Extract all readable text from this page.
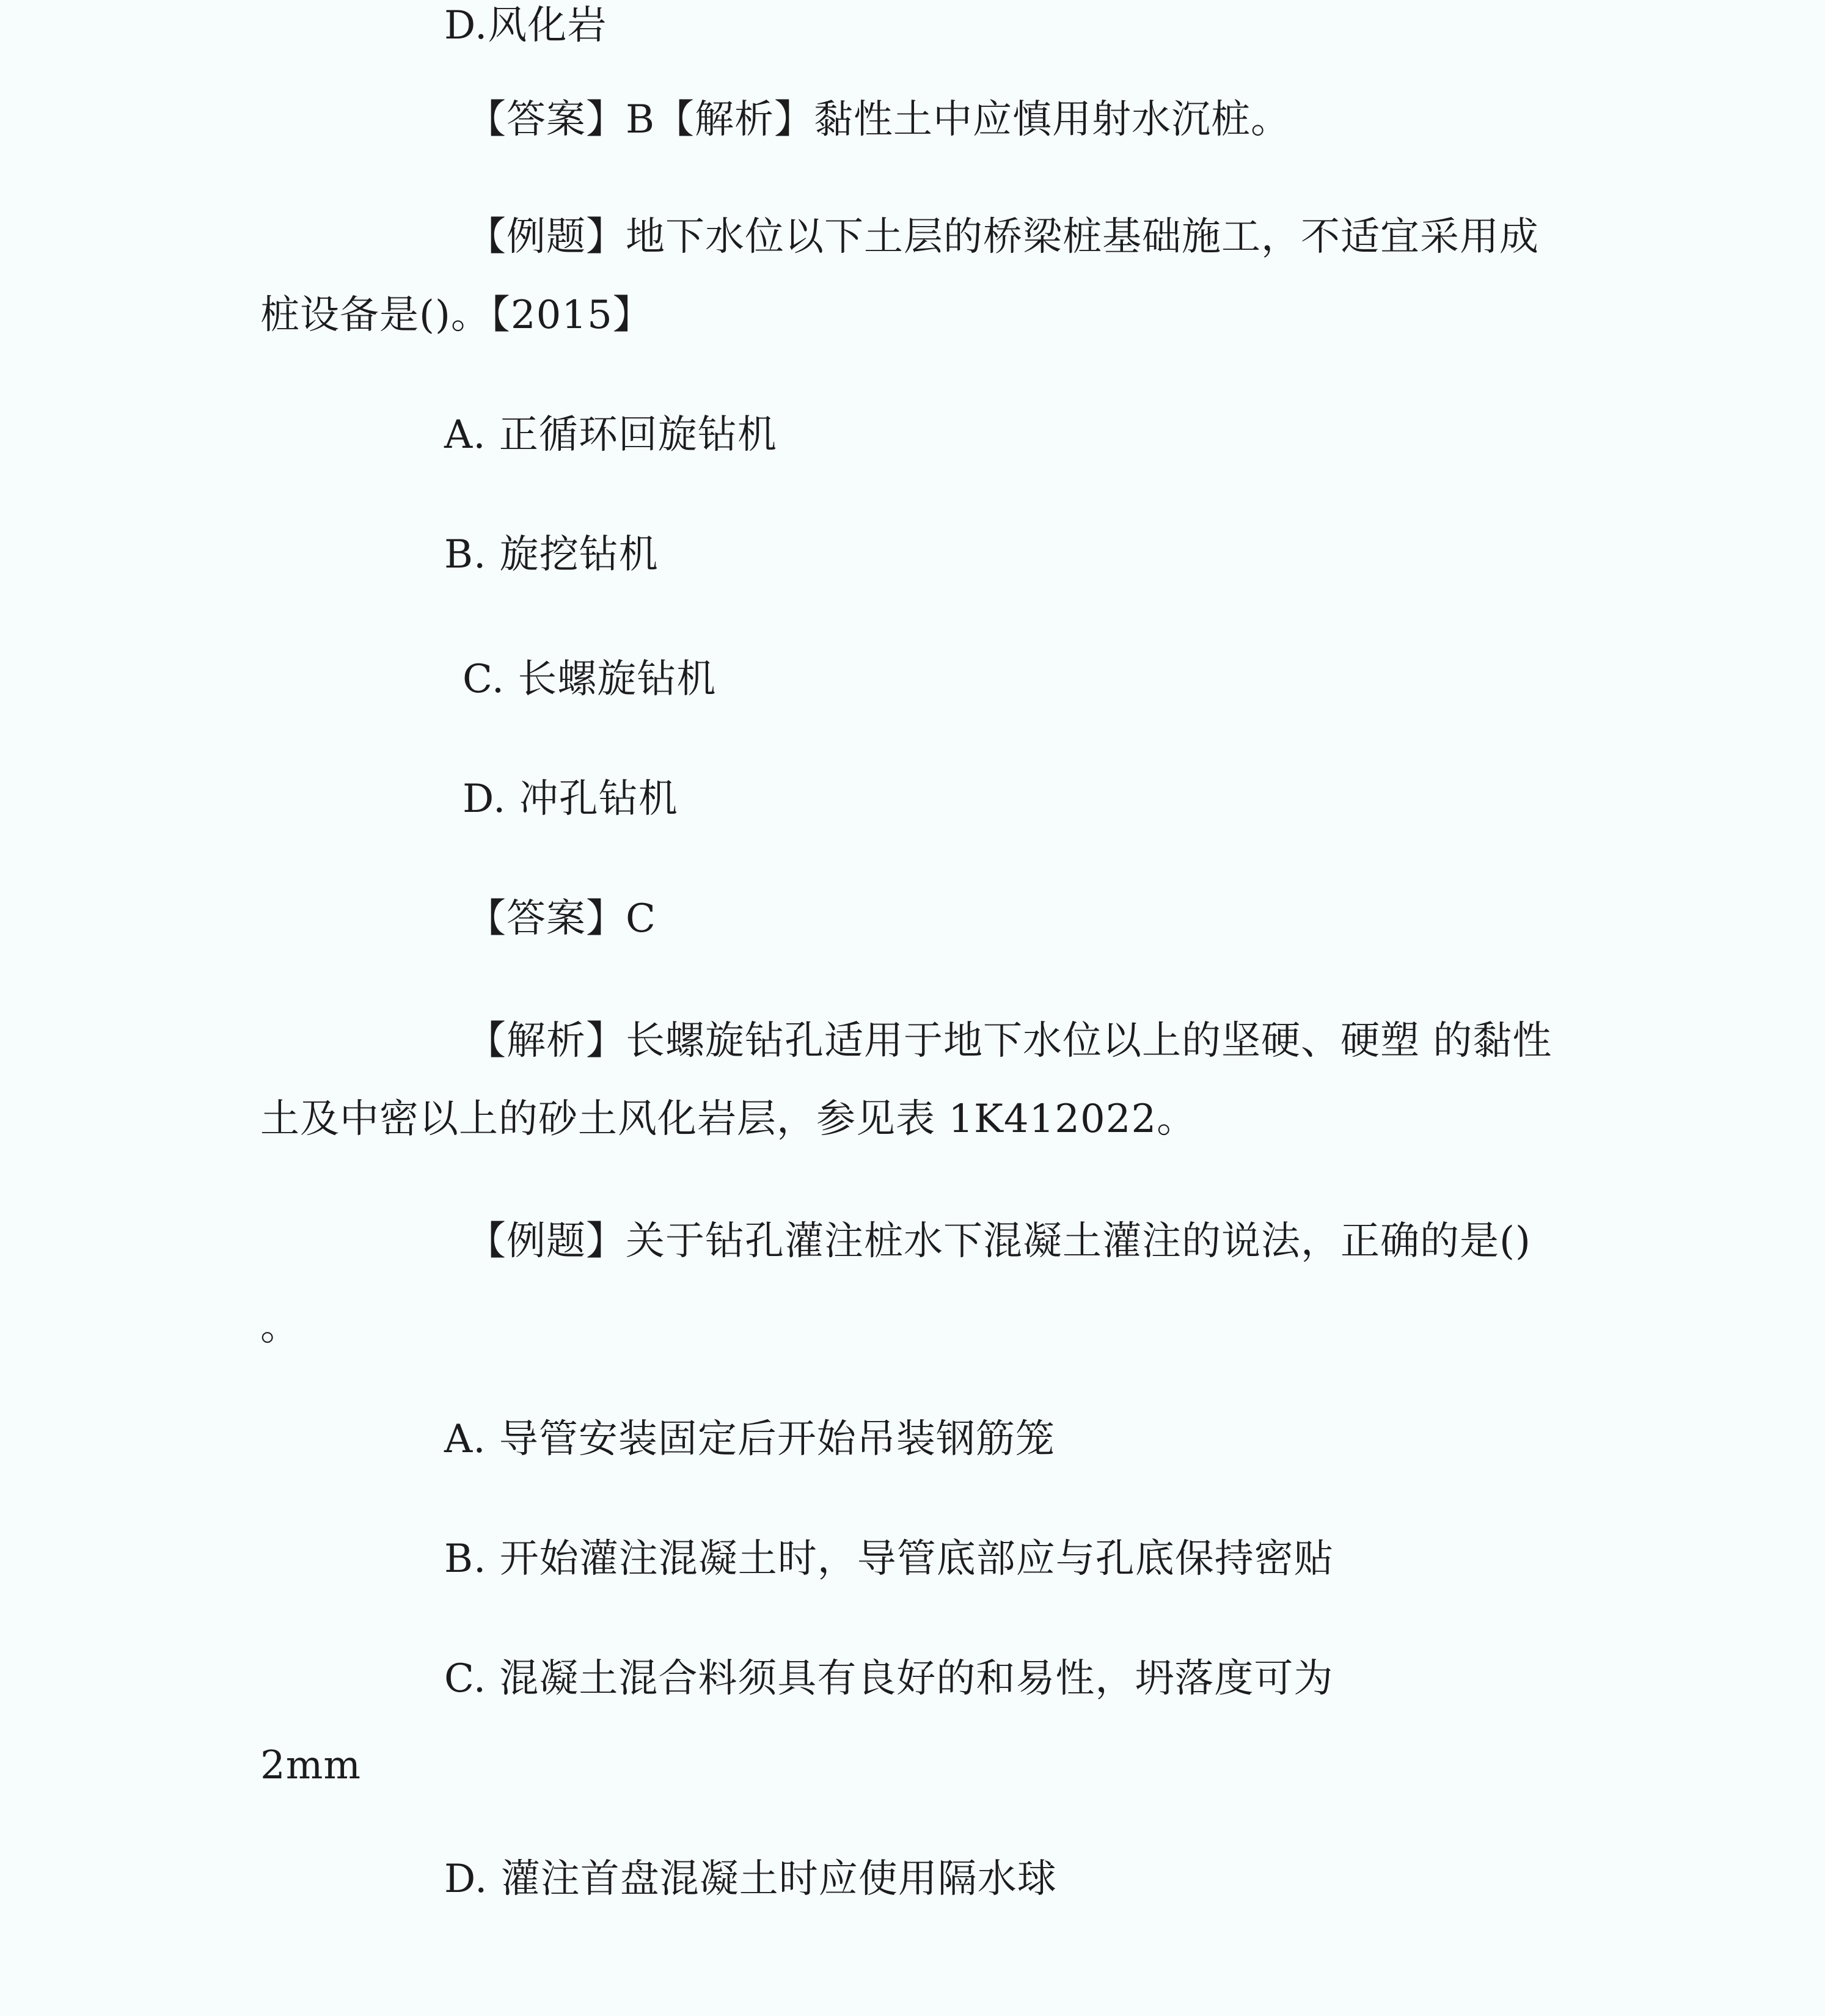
D.风化岩

【答案】B【解析】黏性土中应慎用射水沉桩。

【例题】地下水位以下土层的桥梁桩基础施工，不适宜采用成

桩设备是()。【2015】

A. 正循环回旋钻机

B. 旋挖钻机

C. 长螺旋钻机

D. 冲孔钻机

【答案】C

【解析】长螺旋钻孔适用于地下水位以上的坚硬、硬塑 的黏性

土及中密以上的砂土风化岩层，参见表 1K412022。

【例题】关于钻孔灌注桩水下混凝土灌注的说法，正确的是()

。

A. 导管安装固定后开始吊装钢筋笼

B. 开始灌注混凝土时，导管底部应与孔底保持密贴

C. 混凝土混合料须具有良好的和易性，坍落度可为

2mm

D. 灌注首盘混凝土时应使用隔水球
